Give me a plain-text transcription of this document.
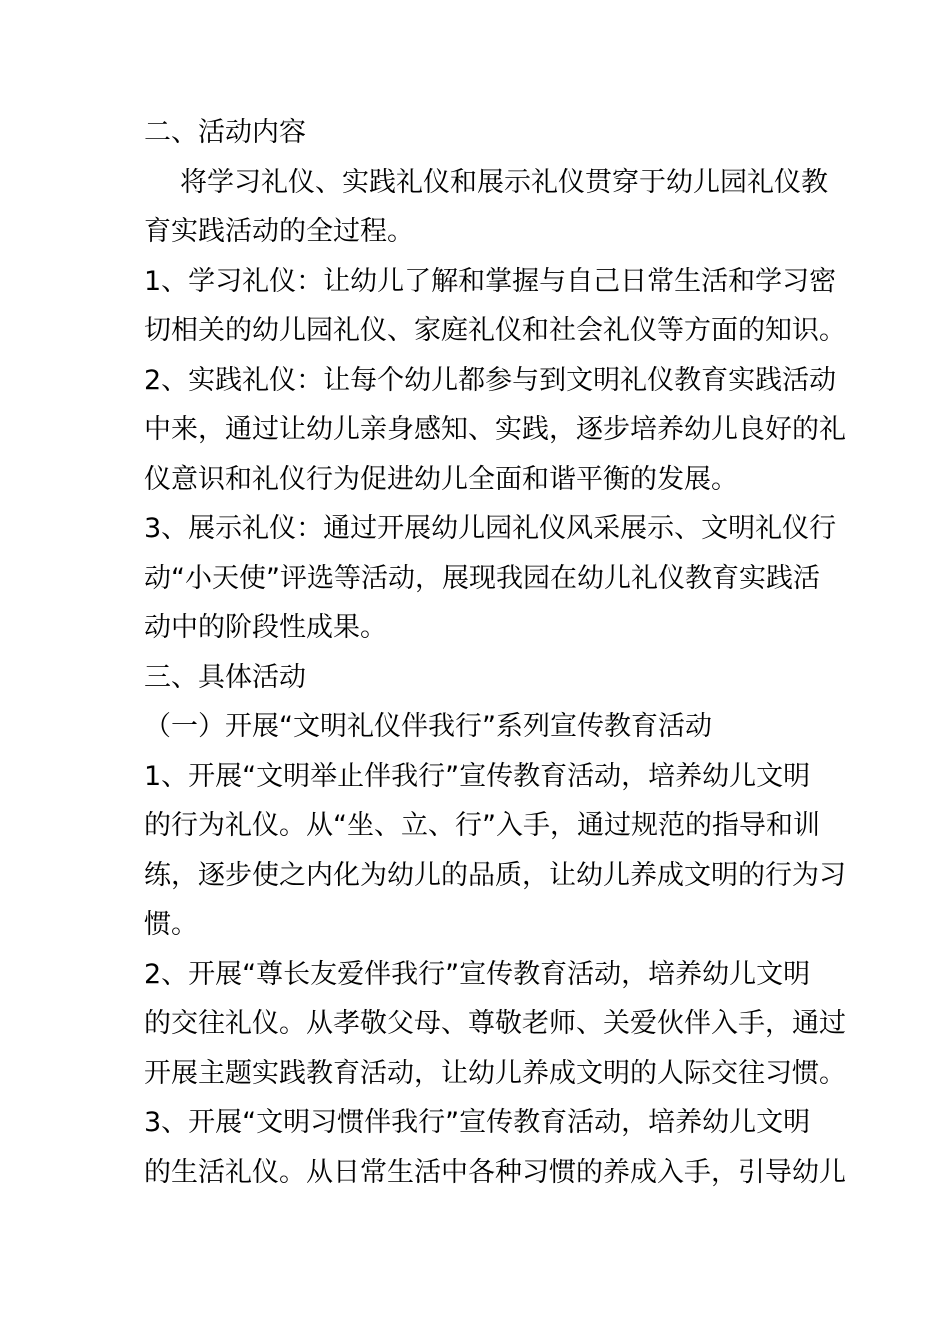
二、活动内容
将学习礼仪、实践礼仪和展示礼仪贯穿于幼儿园礼仪教
育实践活动的全过程。
1、学习礼仪：让幼儿了解和掌握与自己日常生活和学习密
切相关的幼儿园礼仪、家庭礼仪和社会礼仪等方面的知识。
2、实践礼仪：让每个幼儿都参与到文明礼仪教育实践活动
中来，通过让幼儿亲身感知、实践，逐步培养幼儿良好的礼
仪意识和礼仪行为促进幼儿全面和谐平衡的发展。
3、展示礼仪：通过开展幼儿园礼仪风采展示、文明礼仪行
动“小天使”评选等活动，展现我园在幼儿礼仪教育实践活
动中的阶段性成果。
三、具体活动
（一）开展“文明礼仪伴我行”系列宣传教育活动
1、开展“文明举止伴我行”宣传教育活动，培养幼儿文明
的行为礼仪。从“坐、立、行”入手，通过规范的指导和训
练，逐步使之内化为幼儿的品质，让幼儿养成文明的行为习
惯。
2、开展“尊长友爱伴我行”宣传教育活动，培养幼儿文明
的交往礼仪。从孝敬父母、尊敬老师、关爱伙伴入手，通过
开展主题实践教育活动，让幼儿养成文明的人际交往习惯。
3、开展“文明习惯伴我行”宣传教育活动，培养幼儿文明
的生活礼仪。从日常生活中各种习惯的养成入手，引导幼儿
